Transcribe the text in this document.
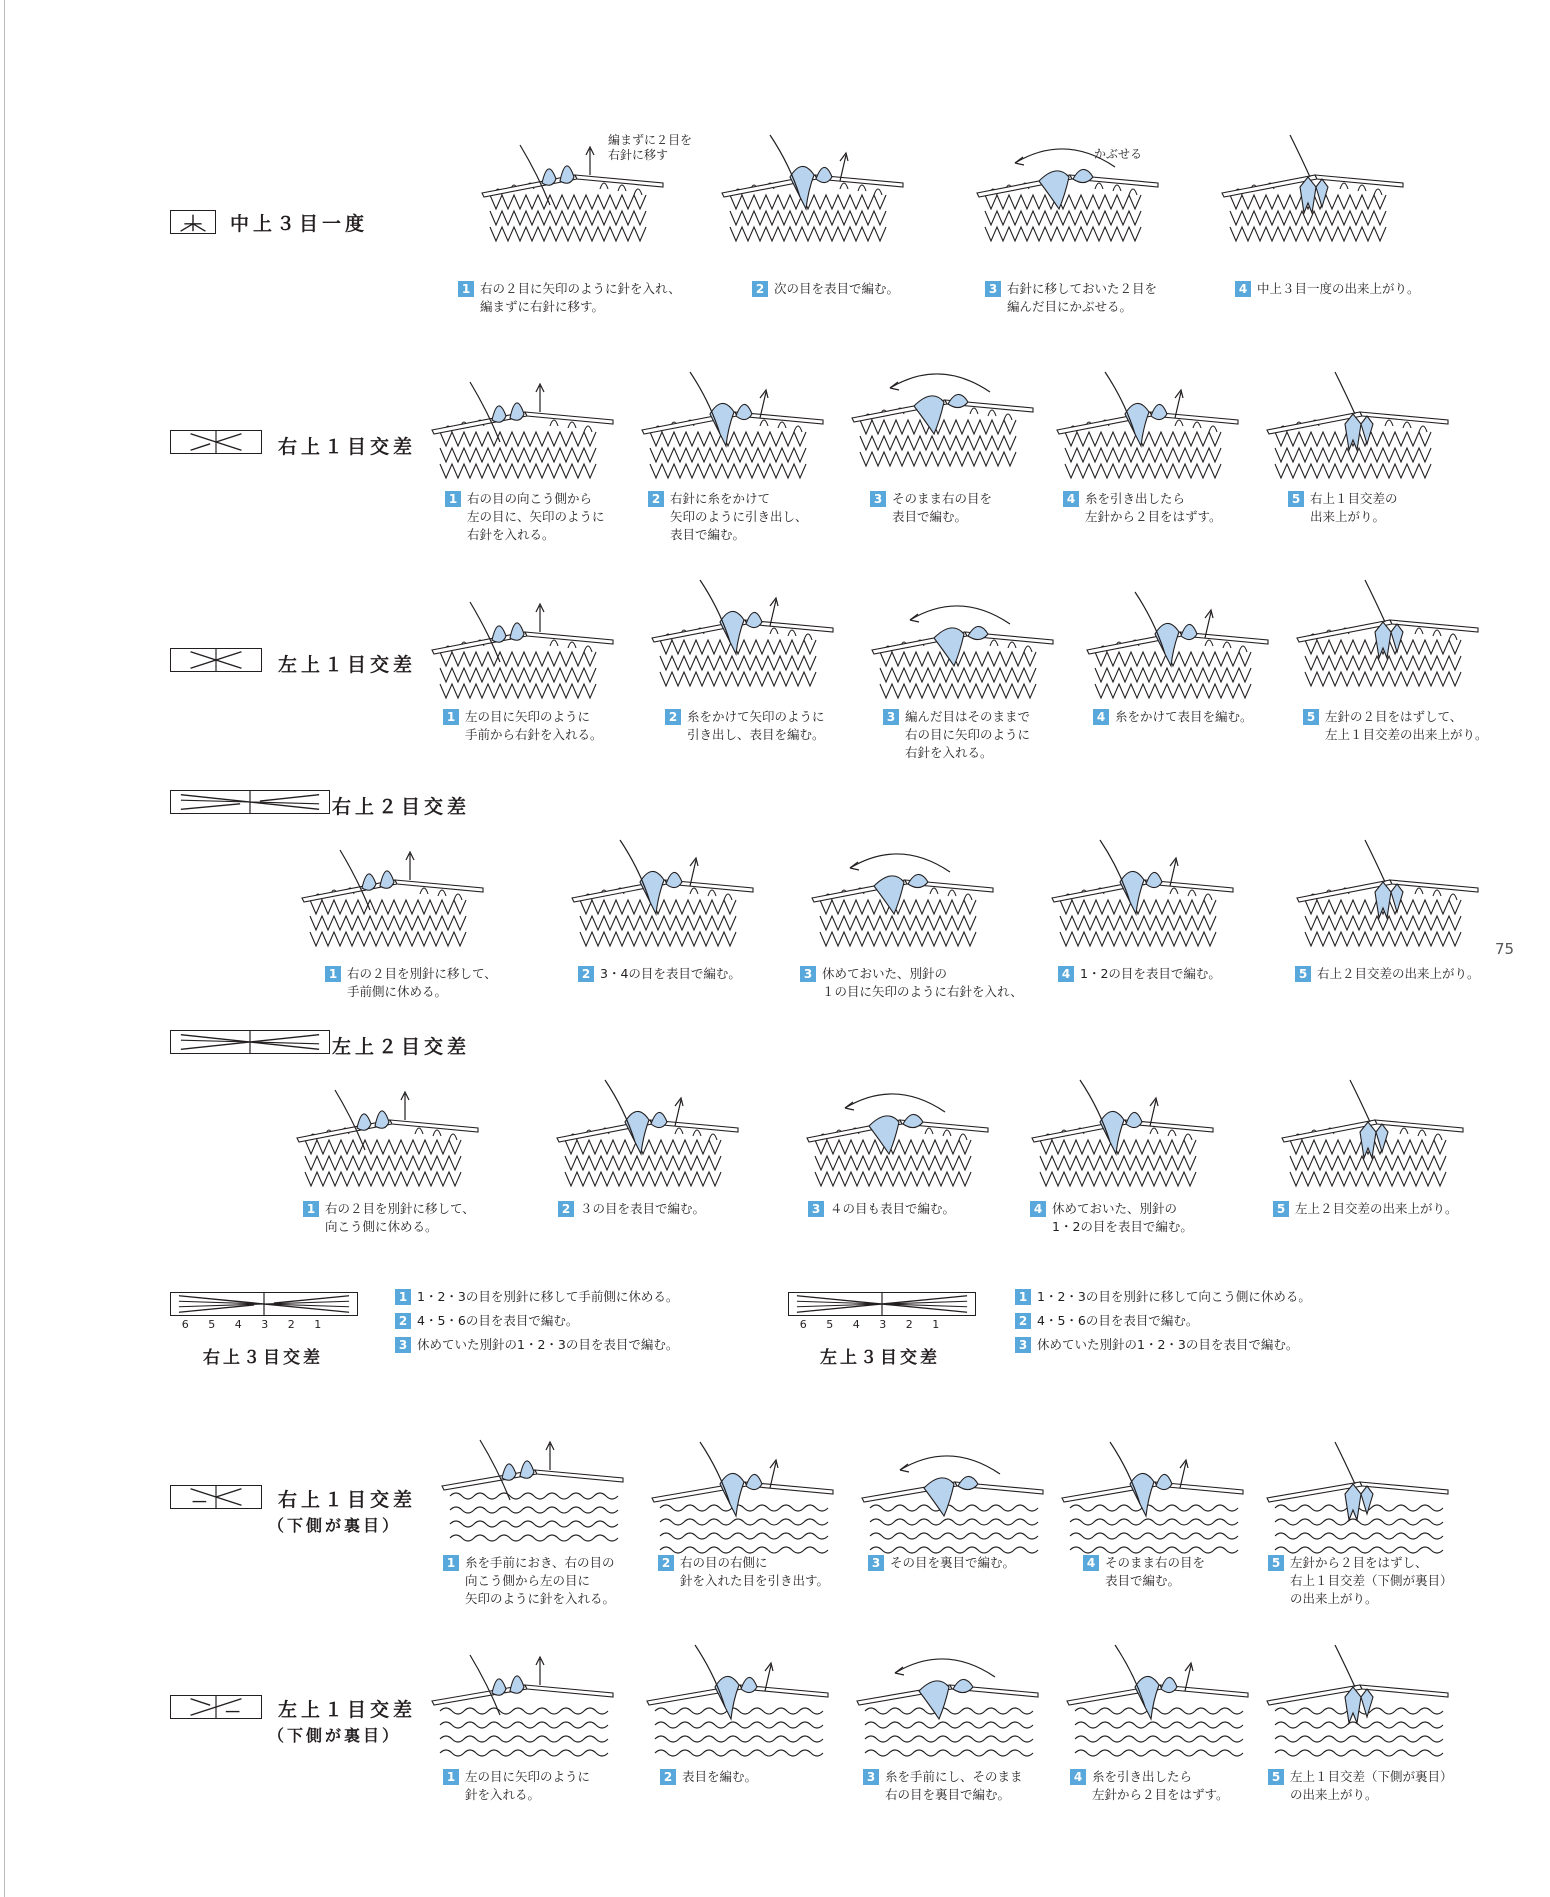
75
中上３目一度
編まずに２目を
右針に移す	かぶせる
1 右の２目に矢印のように針を入れ、
編まずに右針に移す。
2 次の目を表目で編む。	3 右針に移しておいた２目を
編んだ目にかぶせる。
4 中上３目一度の出来上がり。
右上１目交差
1 右の目の向こう側から
左の目に、矢印のように
右針を入れる。
2 右針に糸をかけて
矢印のように引き出し、
表目で編む。
3 そのまま右の目を
表目で編む。
4 糸を引き出したら
左針から２目をはずす。
5 右上１目交差の
出来上がり。
左上１目交差
1 左の目に矢印のように
手前から右針を入れる。
2 糸をかけて矢印のように
引き出し、表目を編む。
3 編んだ目はそのままで
右の目に矢印のように
右針を入れる。
4 糸をかけて表目を編む。	5 左針の２目をはずして、
左上１目交差の出来上がり。
右上２目交差
1 右の２目を別針に移して、
手前側に休める。
2 3・4の目を表目で編む。	3 休めておいた、別針の
１の目に矢印のように右針を入れ、
4 1・2の目を表目で編む。	5 右上２目交差の出来上がり。
左上２目交差
1 右の２目を別針に移して、
向こう側に休める。
2 ３の目を表目で編む。	3 ４の目も表目で編む。	4 休めておいた、別針の
1・2の目を表目で編む。
5 左上２目交差の出来上がり。
6 5 4 3 2 1
右上３目交差
1 1・2・3の目を別針に移して手前側に休める。
2 4・5・6の目を表目で編む。
3 休めていた別針の1・2・3の目を表目で編む。
6 5 4 3 2 1
左上３目交差
1 1・2・3の目を別針に移して向こう側に休める。
2 4・5・6の目を表目で編む。
3 休めていた別針の1・2・3の目を表目で編む。
右上１目交差
（下側が裏目）
1 糸を手前におき、右の目の
向こう側から左の目に
矢印のように針を入れる。
2 右の目の右側に
針を入れた目を引き出す。
3 その目を裏目で編む。	4 そのまま右の目を
表目で編む。
5 左針から２目をはずし、
右上１目交差（下側が裏目）
の出来上がり。
左上１目交差
（下側が裏目）
1 左の目に矢印のように
針を入れる。
2 表目を編む。	3 糸を手前にし、そのまま
右の目を裏目で編む。
4 糸を引き出したら
左針から２目をはずす。
5 左上１目交差（下側が裏目）
の出来上がり。
